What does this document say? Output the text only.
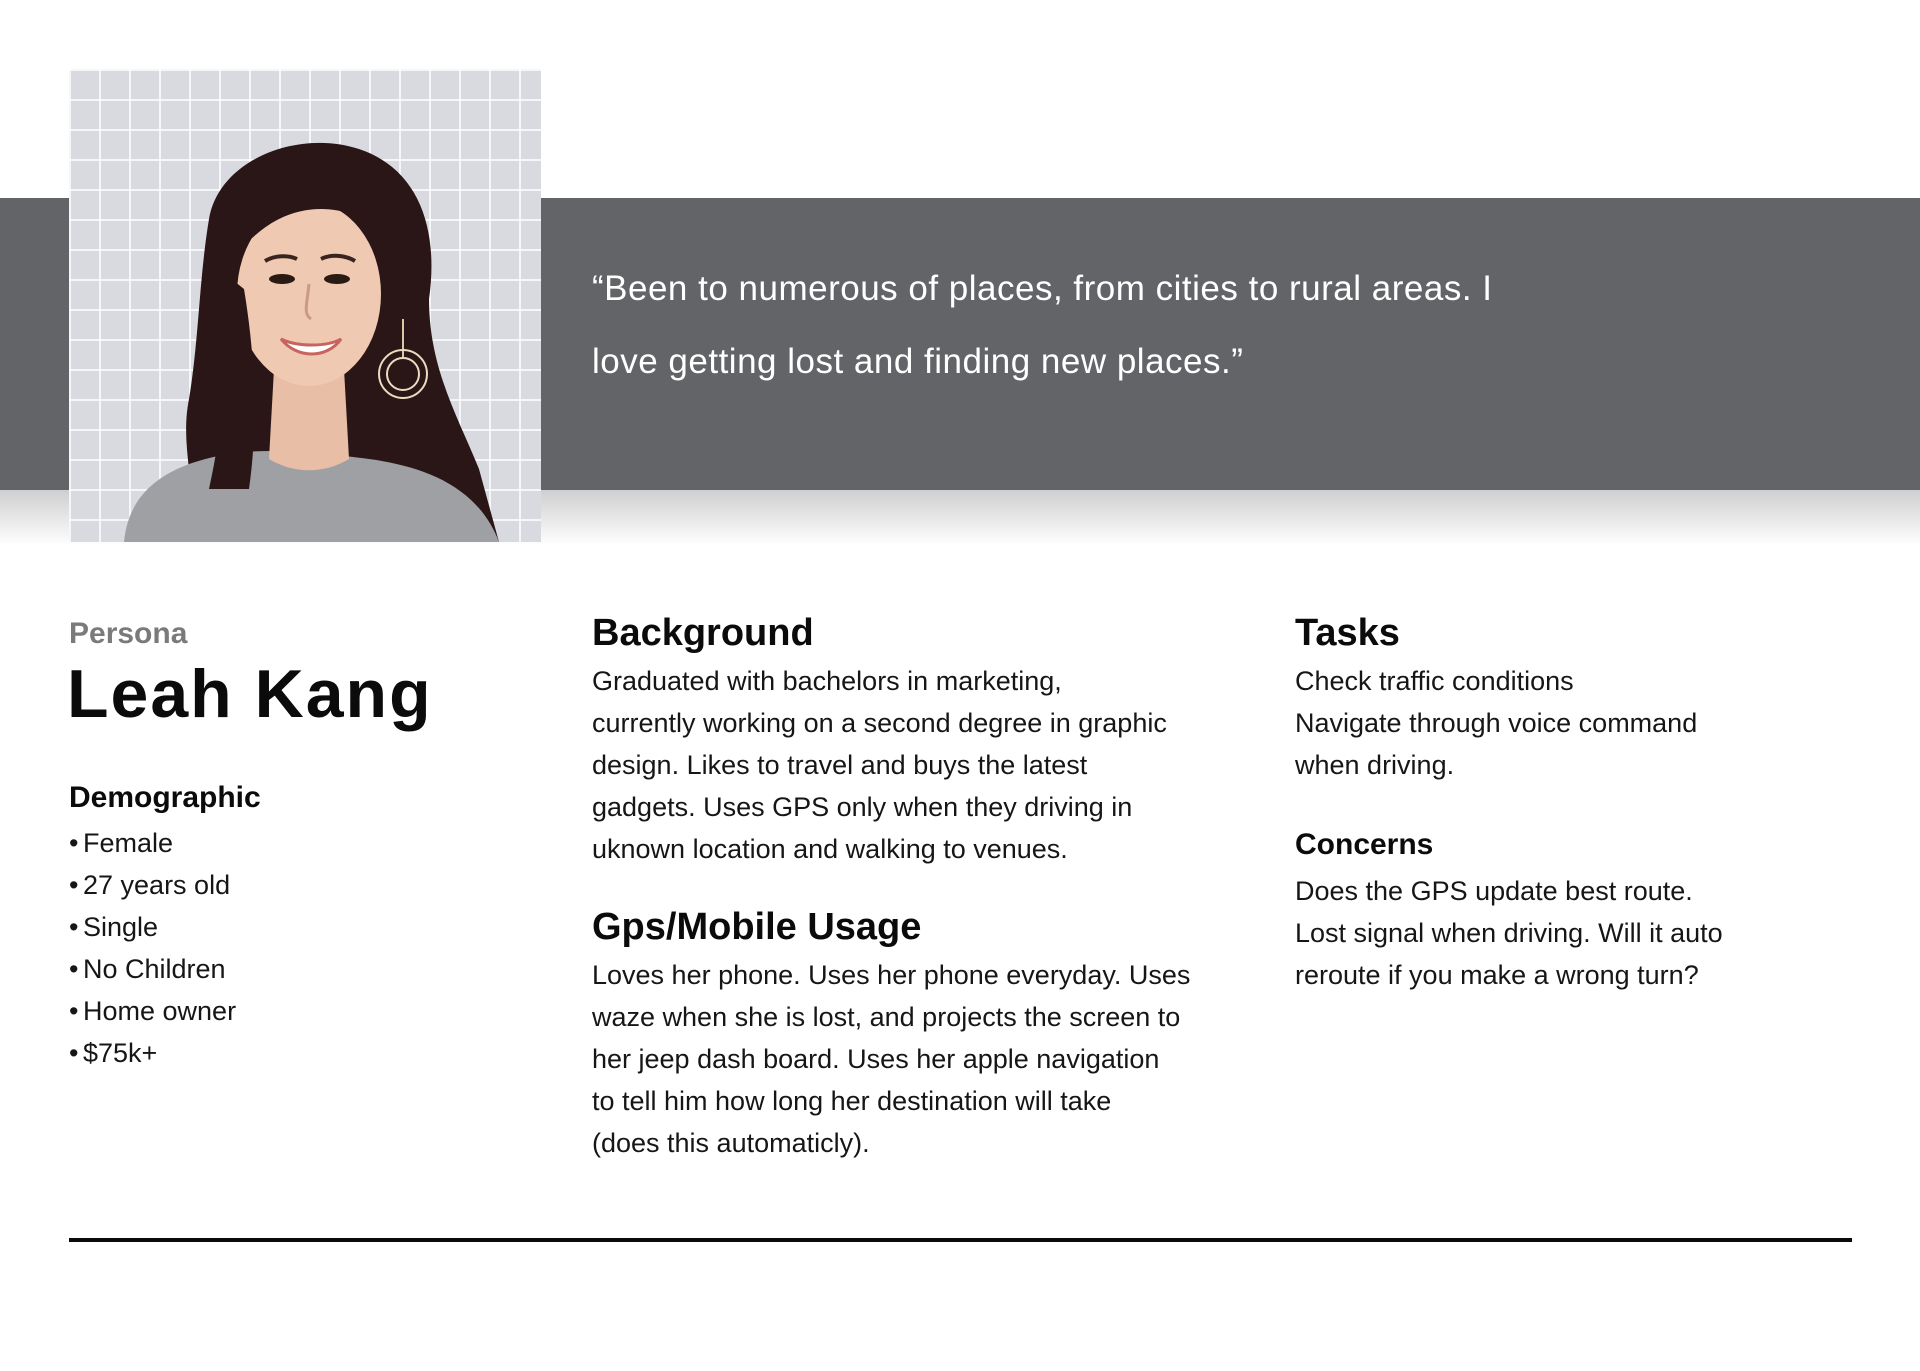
“Been to numerous of places, from cities to rural areas. I
love getting lost and finding new places.”

Persona

Leah Kang
Demographic
• Female
• 27 years old
• Single
• No Children
• Home owner
• $75k+
Background

Graduated with bachelors in marketing,
currently working on a second degree in graphic
design. Likes to travel and buys the latest
gadgets. Uses GPS only when they driving in
uknown location and walking to venues.

Gps/Mobile Usage

Loves her phone. Uses her phone everyday. Uses
waze when she is lost, and projects the screen to
her jeep dash board. Uses her apple navigation
to tell him how long her destination will take
(does this automaticly).

Tasks

Check traffic conditions
Navigate through voice command
when driving.

Concerns

Does the GPS update best route.
Lost signal when driving. Will it auto
reroute if you make a wrong turn?
